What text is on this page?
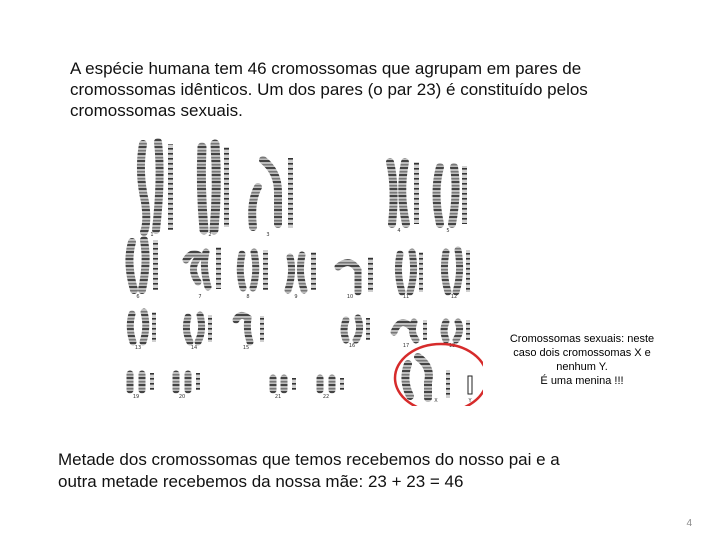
A espécie humana tem 46 cromossomas que agrupam em pares de
cromossomas idênticos. Um dos pares (o par 23) é constituído pelos
cromossomas sexuais.
1	2	3
4	5
6	7	8	9	10	11	12
13	14	15	16	17	18
19	20	21	22
X	Y
Cromossomas sexuais: neste
caso dois cromossomas X e
nenhum Y.
É uma menina !!!
Metade dos cromossomas que temos recebemos do nosso pai e a
outra metade recebemos da nossa mãe: 23 + 23 = 46
4
